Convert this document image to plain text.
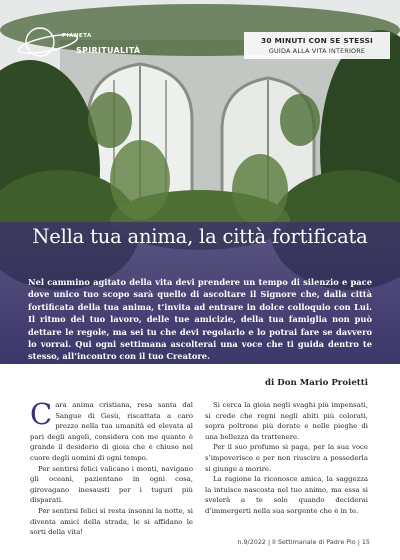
PIANETA
SPIRITUALITÀ
30 MINUTI CON SE STESSI
GUIDA ALLA VITA INTERIORE
Nella tua anima, la città fortificata
Nel cammino agitato della vita devi prendere un tempo di silenzio e pace dove unico tuo scopo sarà quello di ascoltare il Signore che, dalla città fortificata della tua anima, t’invita ad entrare in dolce colloquio con Lui. Il ritmo del tuo lavoro, delle tue amicizie, della tua famiglia non può dettare le regole, ma sei tu che devi regolarlo e lo potrai fare se davvero lo vorrai. Qui ogni settimana ascolterai una voce che ti guida dentro te stesso, all’incontro con il tuo Creatore.
di Don Mario Proietti

Cara anima cristiana, resa santa dal Sangue di Gesù, riscattata a caro prezzo nella tua umanità ed elevata al pari degli angeli, considera con me quanto è grande il desiderio di gioia che è chiuso nel cuore degli uomini di ogni tempo.

Per sentirsi felici valicano i monti, navigano gli oceani, pazientano in ogni cosa, girovagano inesausti per i tuguri più disparati.

Per sentirsi felici si resta insonni la notte, si diventa amici della strada, le si affidano le sorti della vita!

Si cerca la gioia negli svaghi più impensati, si crede che regni negli abiti più colorati, sopra poltrone più dorate e nelle pieghe di una bellezza da trattenere.

Per il suo profumo si paga, per la sua voce s’impoverisce e per non riuscire a possederla si giunge a morire.

La ragione la riconosce amica, la saggezza la intuisce nascosta nel tuo animo, ma essa si svelerà a te solo quando deciderai d’immergerti nella sua sorgente che è in te.

n.9/2022 | Il Settimanale di Padre Pio | 15
